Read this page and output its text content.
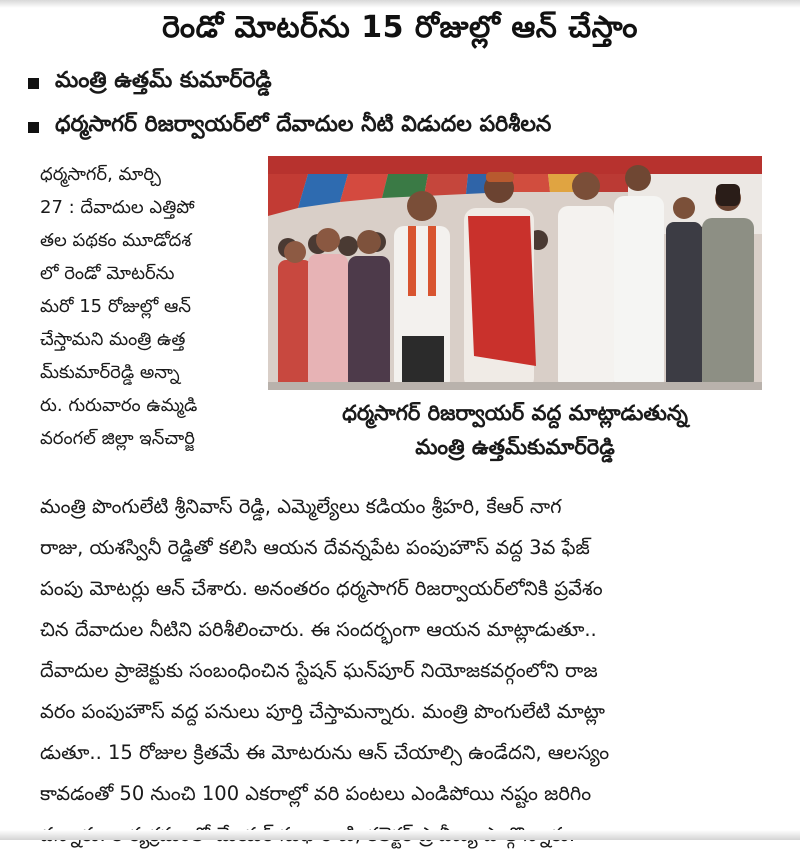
రెండో మోటర్‌ను 15 రోజుల్లో ఆన్ చేస్తాం
మంత్రి ఉత్తమ్ కుమార్‌రెడ్డి
ధర్మసాగర్ రిజర్వాయర్‌లో దేవాదుల నీటి విడుదల పరిశీలన
ధర్మసాగర్, మార్చి
27 : దేవాదుల ఎత్తిపో
తల పథకం మూడోదశ
లో రెండో మోటర్‌ను
మరో 15 రోజుల్లో ఆన్
చేస్తామని మంత్రి ఉత్త
మ్‌కుమార్‌రెడ్డి అన్నా
రు. గురువారం ఉమ్మడి
వరంగల్ జిల్లా ఇన్‌చార్జి
ధర్మసాగర్ రిజర్వాయర్ వద్ద మాట్లాడుతున్న
మంత్రి ఉత్తమ్‌కుమార్‌రెడ్డి
మంత్రి పొంగులేటి శ్రీనివాస్ రెడ్డి, ఎమ్మెల్యేలు కడియం శ్రీహరి, కేఆర్ నాగ
రాజు, యశస్వినీ రెడ్డితో కలిసి ఆయన దేవన్నపేట పంపుహౌస్ వద్ద 3వ ఫేజ్
పంపు మోటర్లు ఆన్ చేశారు. అనంతరం ధర్మసాగర్ రిజర్వాయర్‌లోనికి ప్రవేశం
చిన దేవాదుల నీటిని పరిశీలించారు. ఈ సందర్భంగా ఆయన మాట్లాడుతూ..
దేవాదుల ప్రాజెక్టుకు సంబంధించిన స్టేషన్ ఘన్‌పూర్ నియోజకవర్గంలోని రాజ
వరం పంపుహౌస్ వద్ద పనులు పూర్తి చేస్తామన్నారు. మంత్రి పొంగులేటి మాట్లా
డుతూ.. 15 రోజుల క్రితమే ఈ మోటరును ఆన్ చేయాల్సి ఉండేదని, ఆలస్యం
కావడంతో 50 నుంచి 100 ఎకరాల్లో వరి పంటలు ఎండిపోయి నష్టం జరిగిం
